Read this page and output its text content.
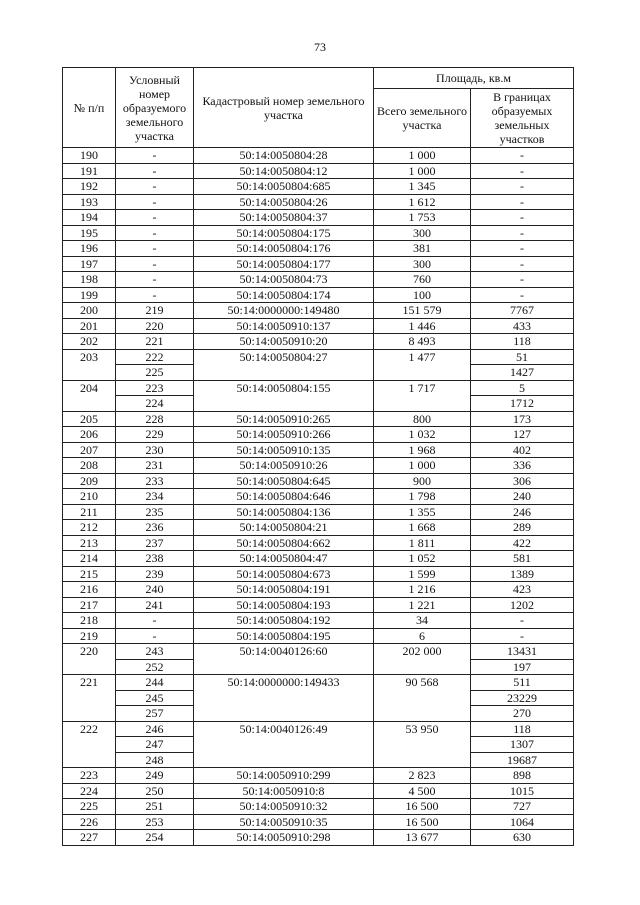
73
№ п/п	Условный номер образуемого земельного участка	Кадастровый номер земельного участка	Площадь, кв.м	
			Всего земельного участка	В границах образуемых земельных участков
190	-	50:14:0050804:28	1 000	-
191	-	50:14:0050804:12	1 000	-
192	-	50:14:0050804:685	1 345	-
193	-	50:14:0050804:26	1 612	-
194	-	50:14:0050804:37	1 753	-
195	-	50:14:0050804:175	300	-
196	-	50:14:0050804:176	381	-
197	-	50:14:0050804:177	300	-
198	-	50:14:0050804:73	760	-
199	-	50:14:0050804:174	100	-
200	219	50:14:0000000:149480	151 579	7767
201	220	50:14:0050910:137	1 446	433
202	221	50:14:0050910:20	8 493	118
203	222	50:14:0050804:27	1 477	51
	225			1427
204	223	50:14:0050804:155	1 717	5
	224			1712
205	228	50:14:0050910:265	800	173
206	229	50:14:0050910:266	1 032	127
207	230	50:14:0050910:135	1 968	402
208	231	50:14:0050910:26	1 000	336
209	233	50:14:0050804:645	900	306
210	234	50:14:0050804:646	1 798	240
211	235	50:14:0050804:136	1 355	246
212	236	50:14:0050804:21	1 668	289
213	237	50:14:0050804:662	1 811	422
214	238	50:14:0050804:47	1 052	581
215	239	50:14:0050804:673	1 599	1389
216	240	50:14:0050804:191	1 216	423
217	241	50:14:0050804:193	1 221	1202
218	-	50:14:0050804:192	34	-
219	-	50:14:0050804:195	6	-
220	243	50:14:0040126:60	202 000	13431
	252			197
221	244	50:14:0000000:149433	90 568	511
	245			23229
	257			270
222	246	50:14:0040126:49	53 950	118
	247			1307
	248			19687
223	249	50:14:0050910:299	2 823	898
224	250	50:14:0050910:8	4 500	1015
225	251	50:14:0050910:32	16 500	727
226	253	50:14:0050910:35	16 500	1064
227	254	50:14:0050910:298	13 677	630
